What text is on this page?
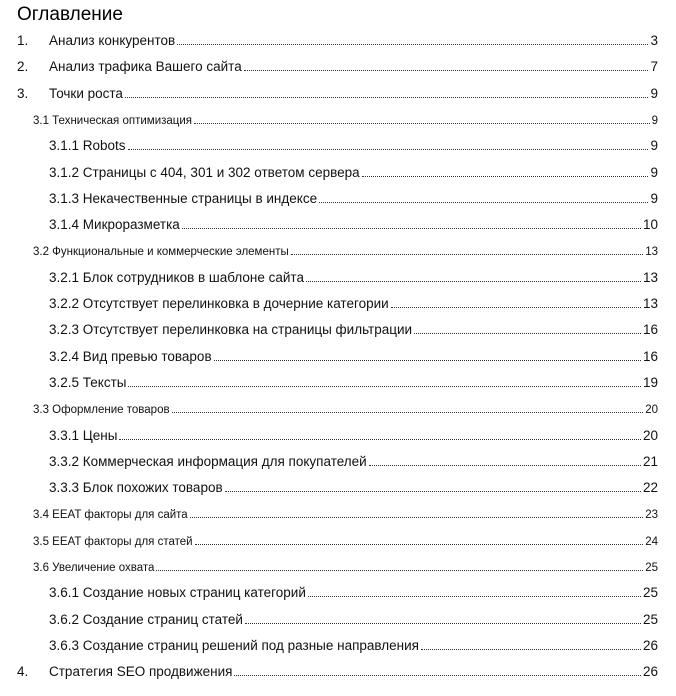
Оглавление
1.	Анализ конкурентов	3
2.	Анализ трафика Вашего сайта	7
3.	Точки роста	9
3.1 Техническая оптимизация	9
3.1.1 Robots	9
3.1.2 Страницы с 404, 301 и 302 ответом сервера	9
3.1.3 Некачественные страницы в индексе	9
3.1.4 Микроразметка	10
3.2 Функциональные и коммерческие элементы	13
3.2.1 Блок сотрудников в шаблоне сайта	13
3.2.2 Отсутствует перелинковка в дочерние категории	13
3.2.3 Отсутствует перелинковка на страницы фильтрации	16
3.2.4 Вид превью товаров	16
3.2.5 Тексты	19
3.3 Оформление товаров	20
3.3.1 Цены	20
3.3.2 Коммерческая информация для покупателей	21
3.3.3 Блок похожих товаров	22
3.4 EEAT факторы для сайта	23
3.5 EEAT факторы для статей	24
3.6 Увеличение охвата	25
3.6.1 Создание новых страниц категорий	25
3.6.2 Создание страниц статей	25
3.6.3 Создание страниц решений под разные направления	26
4.	Стратегия SEO продвижения	26
